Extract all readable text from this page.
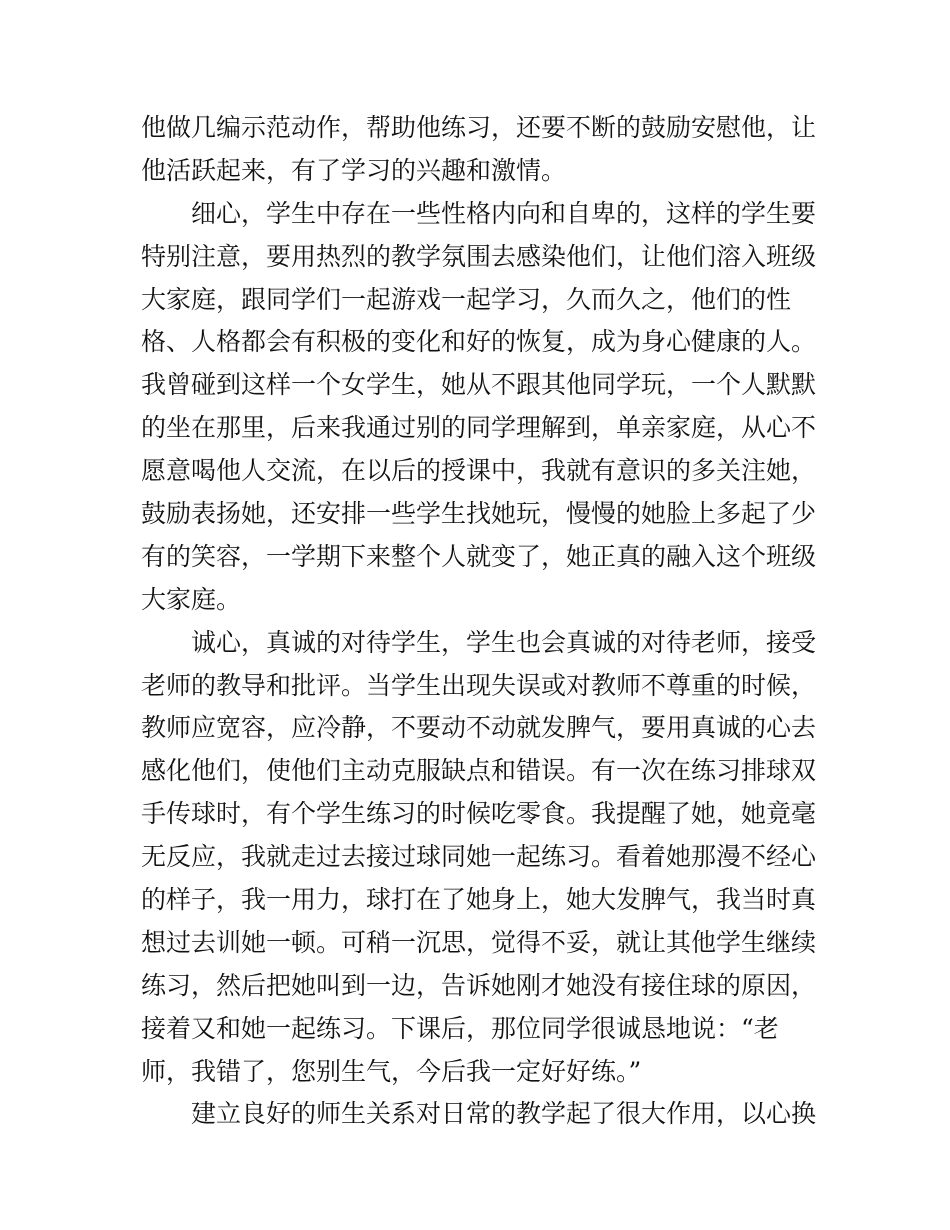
他做几编示范动作，帮助他练习，还要不断的鼓励安慰他，让
他活跃起来，有了学习的兴趣和激情。
细心，学生中存在一些性格内向和自卑的，这样的学生要
特别注意，要用热烈的教学氛围去感染他们，让他们溶入班级
大家庭，跟同学们一起游戏一起学习，久而久之，他们的性
格、人格都会有积极的变化和好的恢复，成为身心健康的人。
我曾碰到这样一个女学生，她从不跟其他同学玩，一个人默默
的坐在那里，后来我通过别的同学理解到，单亲家庭，从心不
愿意喝他人交流，在以后的授课中，我就有意识的多关注她，
鼓励表扬她，还安排一些学生找她玩，慢慢的她脸上多起了少
有的笑容，一学期下来整个人就变了，她正真的融入这个班级
大家庭。
诚心，真诚的对待学生，学生也会真诚的对待老师，接受
老师的教导和批评。当学生出现失误或对教师不尊重的时候，
教师应宽容，应冷静，不要动不动就发脾气，要用真诚的心去
感化他们，使他们主动克服缺点和错误。有一次在练习排球双
手传球时，有个学生练习的时候吃零食。我提醒了她，她竟毫
无反应，我就走过去接过球同她一起练习。看着她那漫不经心
的样子，我一用力，球打在了她身上，她大发脾气，我当时真
想过去训她一顿。可稍一沉思，觉得不妥，就让其他学生继续
练习，然后把她叫到一边，告诉她刚才她没有接住球的原因，
接着又和她一起练习。下课后，那位同学很诚恳地说：“老
师，我错了，您别生气，今后我一定好好练。”
建立良好的师生关系对日常的教学起了很大作用，以心换
